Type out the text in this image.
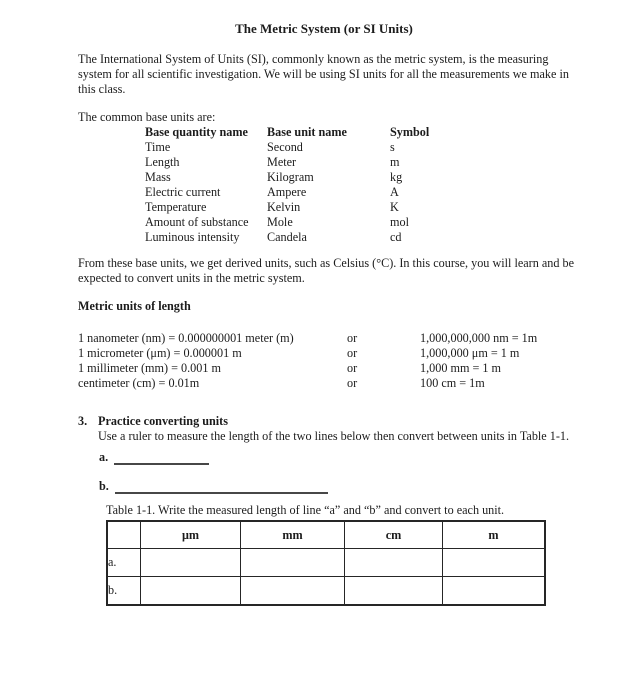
The Metric System (or SI Units)
The International System of Units (SI), commonly known as the metric system, is the measuring system for all scientific investigation. We will be using SI units for all the measurements we make in this class.
The common base units are:
Base quantity name	Base unit name	Symbol
Time	Second	s
Length	Meter	m
Mass	Kilogram	kg
Electric current	Ampere	A
Temperature	Kelvin	K
Amount of substance	Mole	mol
Luminous intensity	Candela	cd
From these base units, we get derived units, such as Celsius (°C). In this course, you will learn and be expected to convert units in the metric system.
Metric units of length
1 nanometer (nm) = 0.000000001 meter (m)	or	1,000,000,000 nm = 1m
1 micrometer (μm) = 0.000001 m	or	1,000,000 μm = 1 m
1 millimeter (mm) = 0.001 m	or	1,000 mm = 1 m
centimeter (cm) = 0.01m	or	100 cm = 1m
3. Practice converting units
Use a ruler to measure the length of the two lines below then convert between units in Table 1-1.
a.
b.
Table 1-1. Write the measured length of line “a” and “b” and convert to each unit.
	μm	mm	cm	m
a.				
b.				
